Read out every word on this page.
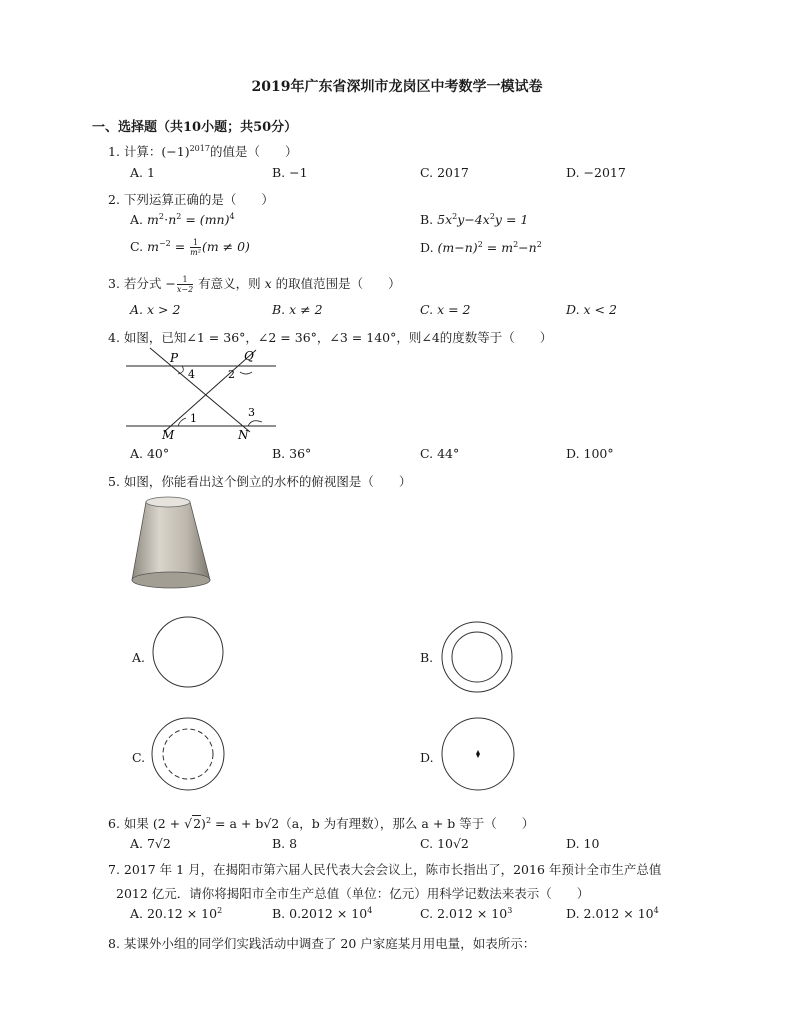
2019年广东省深圳市龙岗区中考数学一模试卷
一、选择题（共10小题；共50分）
1. 计算：$(-1)^{2017}$的值是（　　）
A. 1	B. −1	C. 2017	D. −2017
2. 下列运算正确的是（　　）
A. $m^2\cdot n^2 = (mn)^4$	B. $5x^2y-4x^2y = 1$
C. $m^{-2} = \frac{1}{\text{m²}} (m \ne 0)$	D. $(m-n)^2 = m^2-n^2$
3. 若分式 − $\frac{1}{x-2}$ 有意义，则 x 的取值范围是（　　）
A. x > 2	B. x ≠ 2	C. x = 2	D. x < 2
4. 如图，已知∠1 = 36°，∠2 = 36°，∠3 = 140°，则∠4的度数等于（　　）
P	Q
M	N
4	2
1	3
A. 40°	B. 36°	C. 44°	D. 100°
5. 如图，你能看出这个倒立的水杯的俯视图是（　　）
A.	B.
C.	D.
6. 如果 $(2 + √2)^2 = a + b√2(a$，b 为有理数），那么 a + b 等于（　　）
A. 7√2	B. 8	C. 10√2	D. 10
7. 2017 年 1 月，在揭阳市第六届人民代表大会会议上，陈市长指出了，2016 年预计全市生产总值
2012 亿元．请你将揭阳市全市生产总值（单位：亿元）用科学记数法来表示（　　）
A. $20.12 \times 10^2$	B. $0.2012 \times 10^4$	C. $2.012 \times 10^3$	D. $2.012 \times 10^4$
8. 某课外小组的同学们实践活动中调查了 20 户家庭某月用电量，如表所示：
